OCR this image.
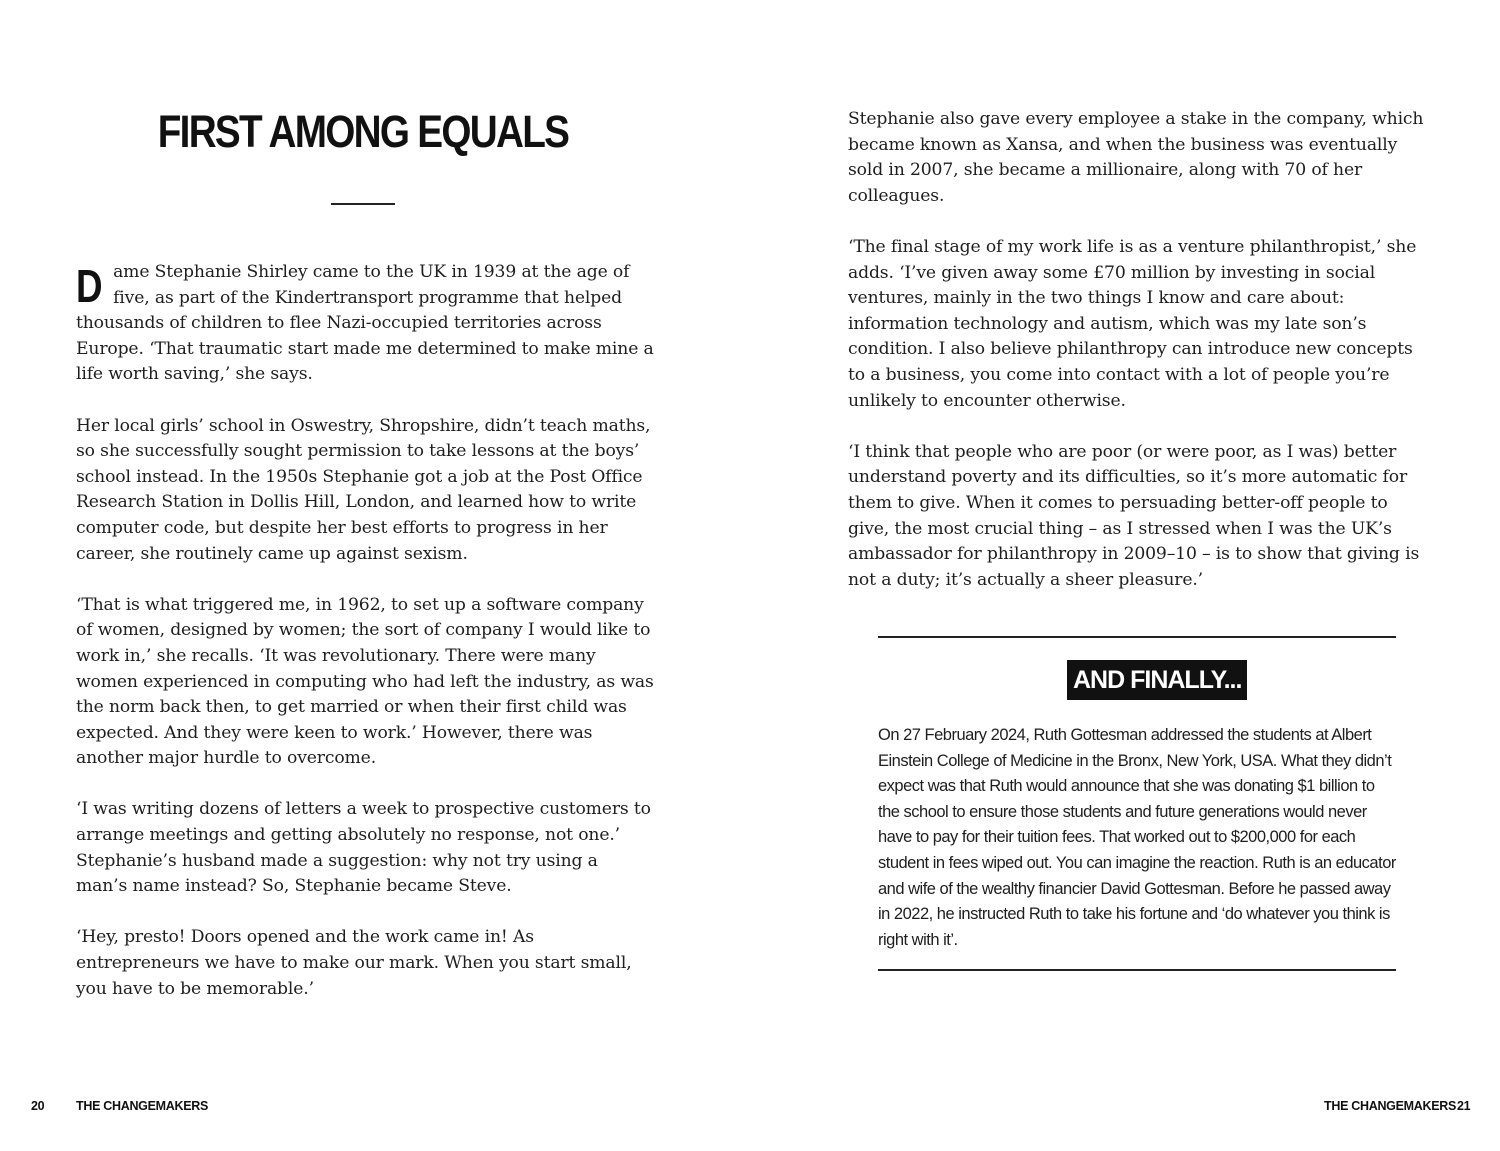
FIRST AMONG EQUALS

Dame Stephanie Shirley came to the UK in 1939 at the age of five, as part of the Kindertransport programme that helped thousands of children to flee Nazi-occupied territories across Europe. ‘That traumatic start made me determined to make mine a life worth saving,’ she says.

Her local girls’ school in Oswestry, Shropshire, didn’t teach maths, so she successfully sought permission to take lessons at the boys’ school instead. In the 1950s Stephanie got a job at the Post Office Research Station in Dollis Hill, London, and learned how to write computer code, but despite her best efforts to progress in her career, she routinely came up against sexism.

‘That is what triggered me, in 1962, to set up a software company of women, designed by women; the sort of company I would like to work in,’ she recalls. ‘It was revolutionary. There were many women experienced in computing who had left the industry, as was the norm back then, to get married or when their first child was expected. And they were keen to work.’ However, there was another major hurdle to overcome.

‘I was writing dozens of letters a week to prospective customers to arrange meetings and getting absolutely no response, not one.’ Stephanie’s husband made a suggestion: why not try using a man’s name instead? So, Stephanie became Steve.

‘Hey, presto! Doors opened and the work came in! As entrepreneurs we have to make our mark. When you start small, you have to be memorable.’

20	THE CHANGEMAKERS

Stephanie also gave every employee a stake in the company, which became known as Xansa, and when the business was eventually sold in 2007, she became a millionaire, along with 70 of her colleagues.

‘The final stage of my work life is as a venture philanthropist,’ she adds. ‘I’ve given away some £70 million by investing in social ventures, mainly in the two things I know and care about: information technology and autism, which was my late son’s condition. I also believe philanthropy can introduce new concepts to a business, you come into contact with a lot of people you’re unlikely to encounter otherwise.

‘I think that people who are poor (or were poor, as I was) better understand poverty and its difficulties, so it’s more automatic for them to give. When it comes to persuading better-off people to give, the most crucial thing – as I stressed when I was the UK’s ambassador for philanthropy in 2009–10 – is to show that giving is not a duty; it’s actually a sheer pleasure.’

AND FINALLY...

On 27 February 2024, Ruth Gottesman addressed the students at Albert Einstein College of Medicine in the Bronx, New York, USA. What they didn’t expect was that Ruth would announce that she was donating $1 billion to the school to ensure those students and future generations would never have to pay for their tuition fees. That worked out to $200,000 for each student in fees wiped out. You can imagine the reaction. Ruth is an educator and wife of the wealthy financier David Gottesman. Before he passed away in 2022, he instructed Ruth to take his fortune and ‘do whatever you think is right with it’.

THE CHANGEMAKERS 21
